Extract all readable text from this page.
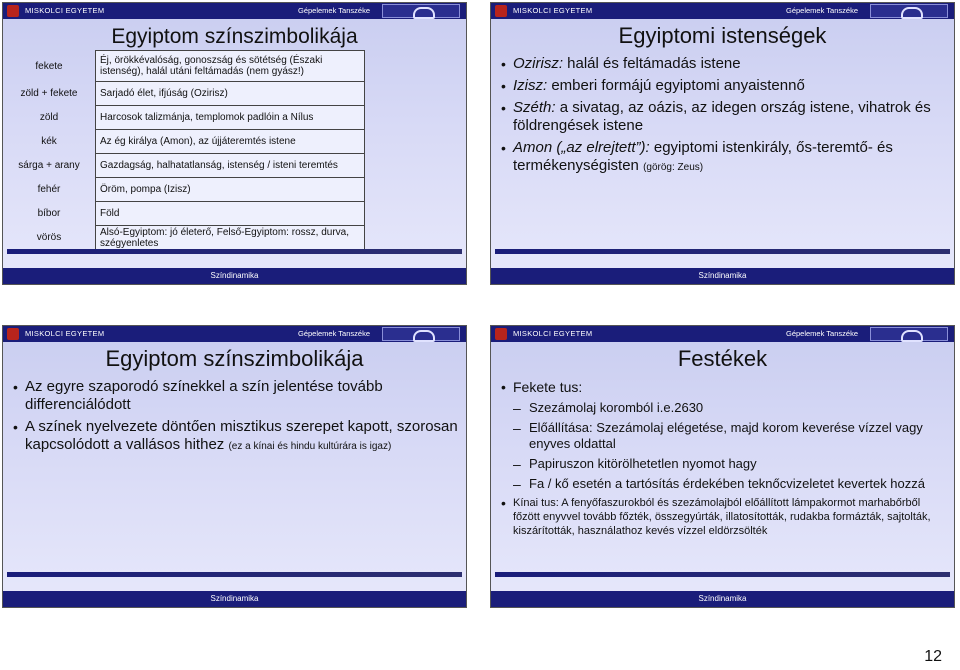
MISKOLCI EGYETEM	Gépelemek Tanszéke
Egyiptom színszimbolikája
fekete	Éj, örökkévalóság, gonoszság és sötétség (Északi istenség), halál utáni feltámadás (nem gyász!)
zöld + fekete	Sarjadó élet, ifjúság (Ozirisz)
zöld	Harcosok talizmánja, templomok padlóin a Nílus
kék	Az ég királya (Amon), az újjáteremtés istene
sárga + arany	Gazdagság, halhatatlanság, istenség / isteni teremtés
fehér	Öröm, pompa (Izisz)
bíbor	Föld
vörös	Alsó-Egyiptom: jó életerő, Felső-Egyiptom: rossz, durva, szégyenletes
Színdinamika
MISKOLCI EGYETEM	Gépelemek Tanszéke
Egyiptomi istenségek
• Ozirisz: halál és feltámadás istene
• Izisz: emberi formájú egyiptomi anyaistennő
• Széth: a sivatag, az oázis, az idegen ország istene, vihatrok és földrengések istene
• Amon („az elrejtett”): egyiptomi istenkirály, ős-teremtő- és termékenységisten (görög: Zeus)
Színdinamika
MISKOLCI EGYETEM	Gépelemek Tanszéke
Egyiptom színszimbolikája
• Az egyre szaporodó színekkel a szín jelentése tovább differenciálódott
• A színek nyelvezete döntően misztikus szerepet kapott, szorosan kapcsolódott a vallásos hithez (ez a kínai és hindu kultúrára is igaz)
Színdinamika
MISKOLCI EGYETEM	Gépelemek Tanszéke
Festékek
• Fekete tus:
– Szezámolaj koromból i.e.2630
– Előállítása: Szezámolaj elégetése, majd korom keverése vízzel vagy enyves oldattal
– Papiruszon kitörölhetetlen nyomot hagy
– Fa / kő esetén a tartósítás érdekében teknőcvizeletet kevertek hozzá
• Kínai tus: A fenyőfaszurokból és szezámolajból előállított lámpakormot marhabőrből főzött enyvvel tovább főzték, összegyúrták, illatosították, rudakba formázták, sajtolták, kiszárították, használathoz kevés vízzel eldörzsölték
Színdinamika
12
